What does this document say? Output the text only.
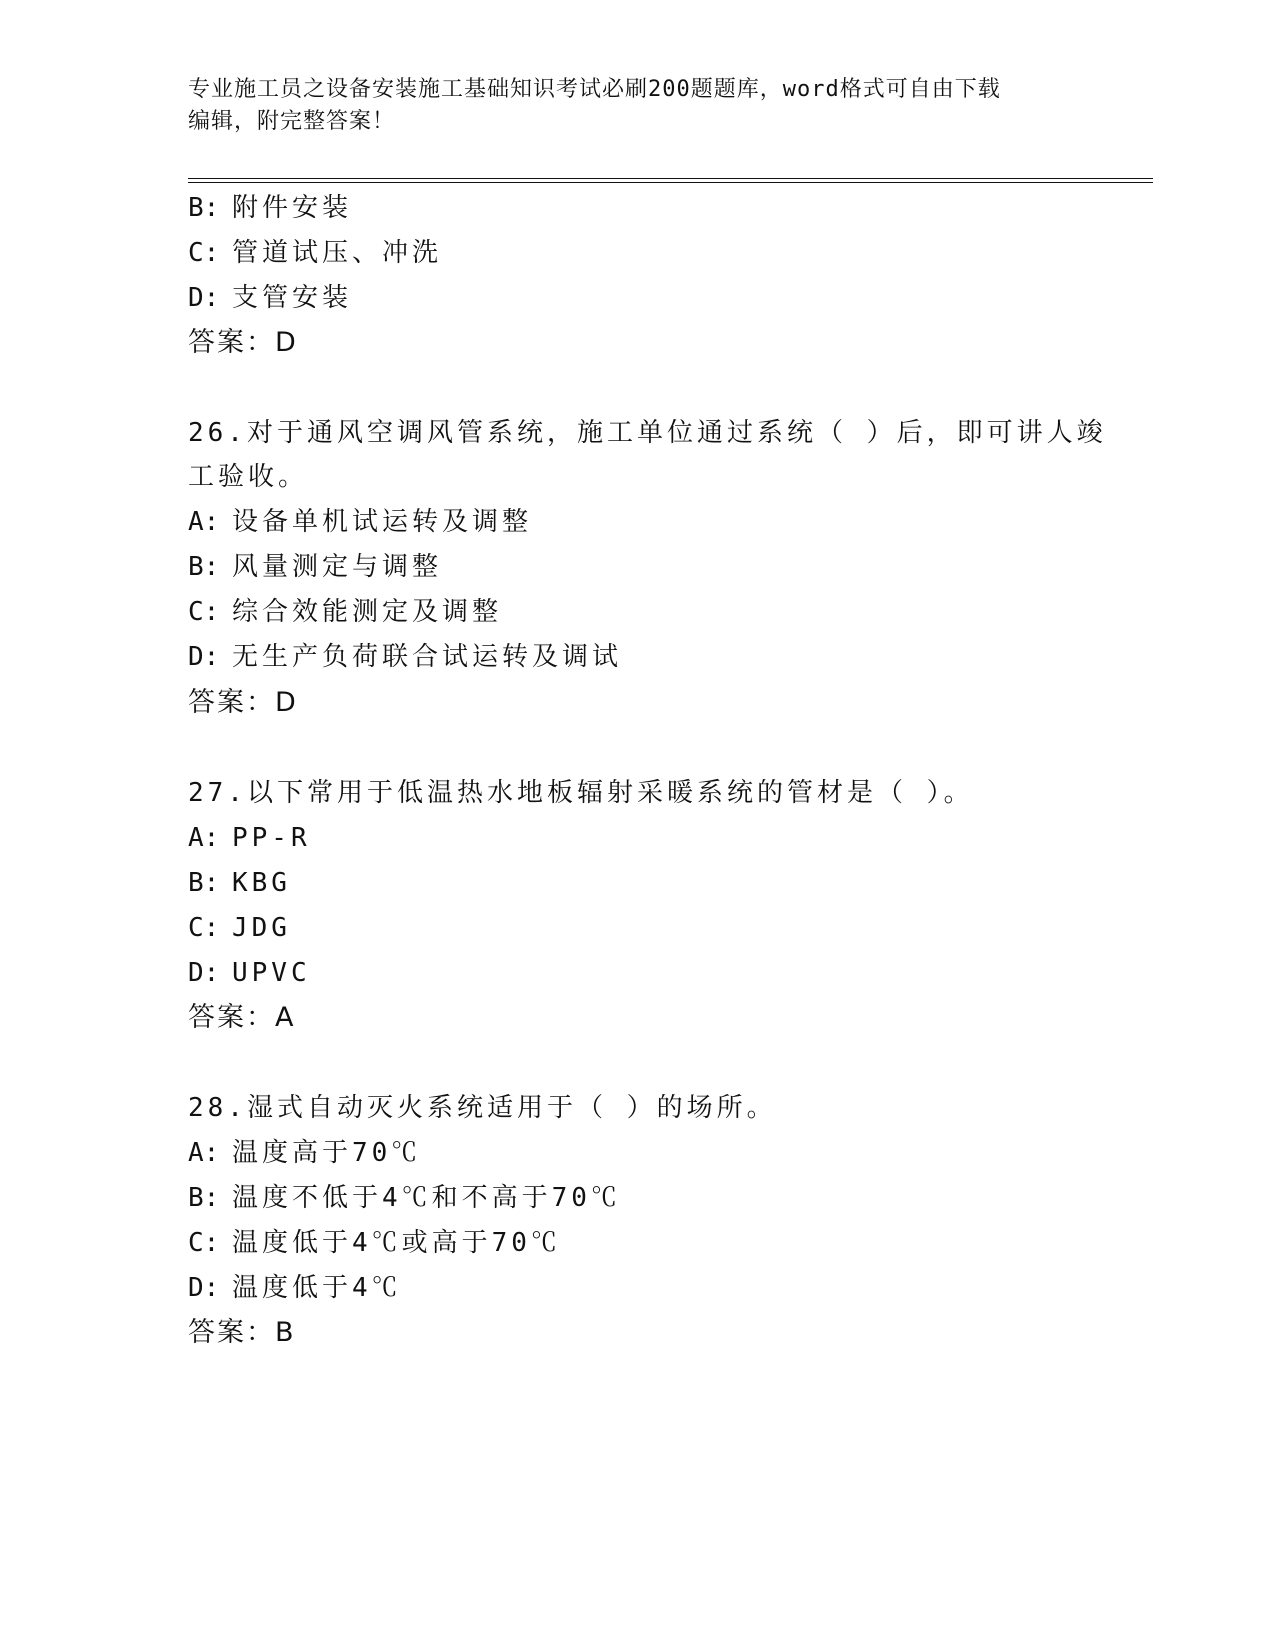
专业施工员之设备安装施工基础知识考试必刷200题题库，word格式可自由下载
编辑，附完整答案！
B: 附件安装
C: 管道试压、冲洗
D: 支管安装
答案：D
26.对于通风空调风管系统，施工单位通过系统（ ）后，即可讲人竣
工验收。
A: 设备单机试运转及调整
B: 风量测定与调整
C: 综合效能测定及调整
D: 无生产负荷联合试运转及调试
答案：D
27.以下常用于低温热水地板辐射采暖系统的管材是（ ）。
A: PP-R
B: KBG
C: JDG
D: UPVC
答案：A
28.湿式自动灭火系统适用于（ ）的场所。
A: 温度高于70℃
B: 温度不低于4℃和不高于70℃
C: 温度低于4℃或高于70℃
D: 温度低于4℃
答案：B
